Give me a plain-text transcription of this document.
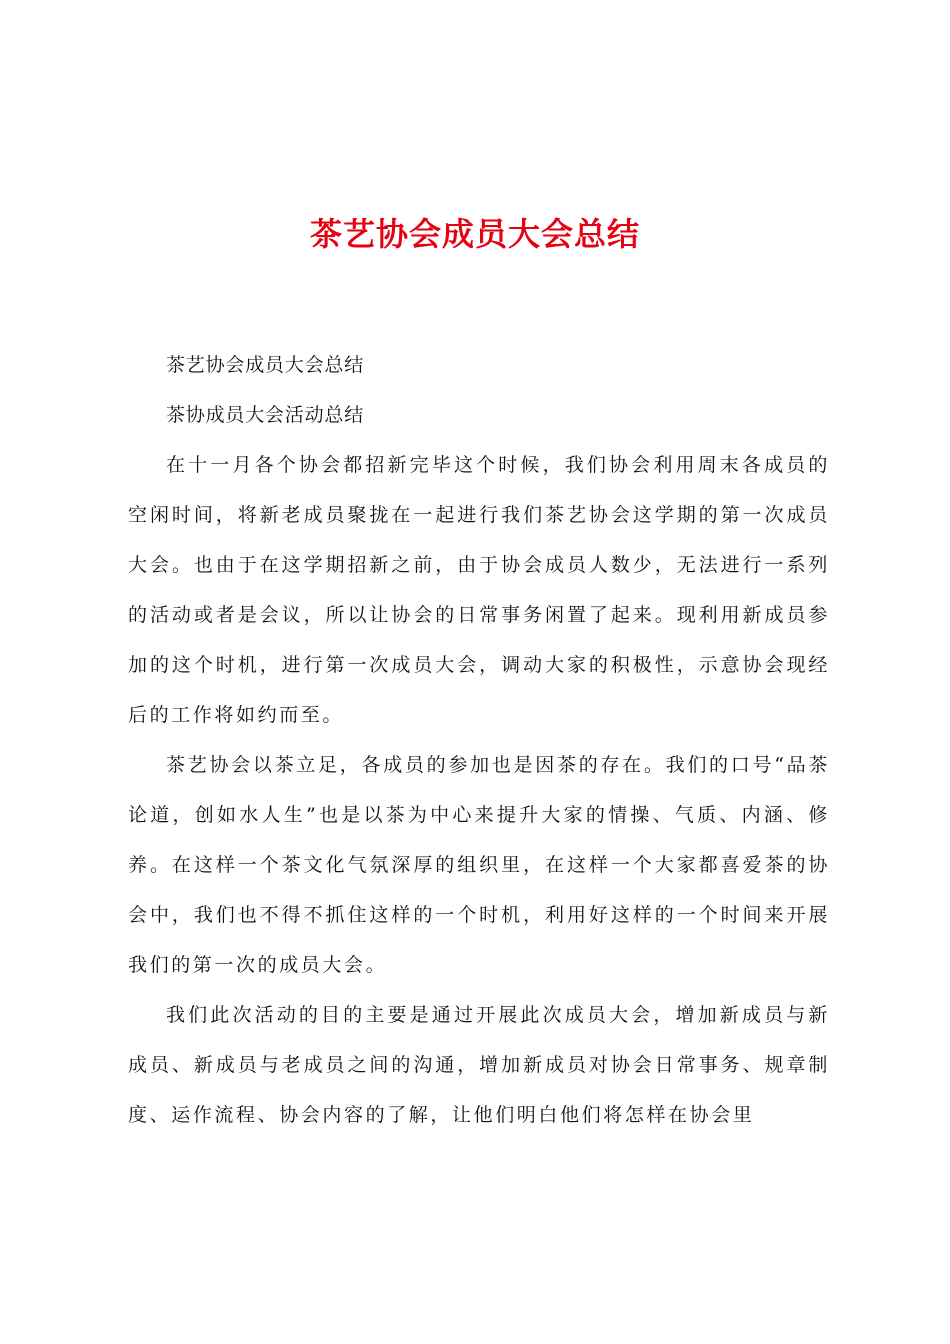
茶艺协会成员大会总结

茶艺协会成员大会总结

茶协成员大会活动总结

在十一月各个协会都招新完毕这个时候，我们协会利用周末各成员的空闲时间，将新老成员聚拢在一起进行我们茶艺协会这学期的第一次成员大会。也由于在这学期招新之前，由于协会成员人数少，无法进行一系列的活动或者是会议，所以让协会的日常事务闲置了起来。现利用新成员参加的这个时机，进行第一次成员大会，调动大家的积极性，示意协会现经后的工作将如约而至。

茶艺协会以茶立足，各成员的参加也是因茶的存在。我们的口号“品茶论道，创如水人生”也是以茶为中心来提升大家的情操、气质、内涵、修养。在这样一个茶文化气氛深厚的组织里，在这样一个大家都喜爱茶的协会中，我们也不得不抓住这样的一个时机，利用好这样的一个时间来开展我们的第一次的成员大会。

我们此次活动的目的主要是通过开展此次成员大会，增加新成员与新成员、新成员与老成员之间的沟通，增加新成员对协会日常事务、规章制度、运作流程、协会内容的了解，让他们明白他们将怎样在协会里
